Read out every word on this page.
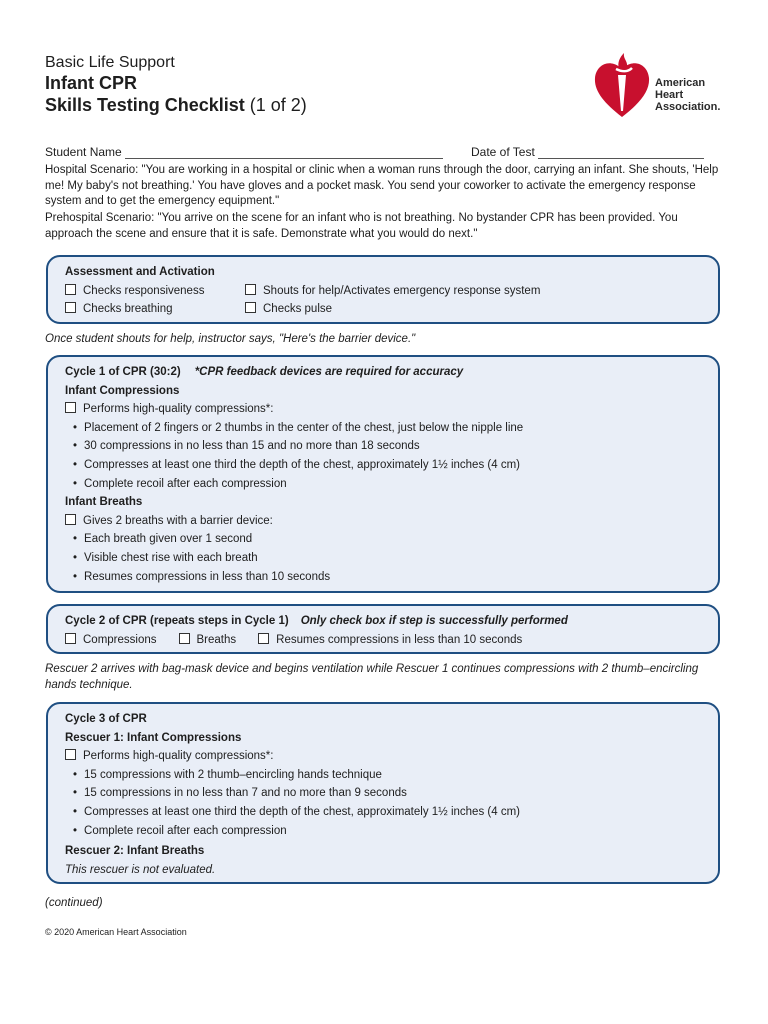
Basic Life Support
Infant CPR
Skills Testing Checklist (1 of 2)
American
Heart
Association.
Student Name	Date of Test
Hospital Scenario: "You are working in a hospital or clinic when a woman runs through the door, carrying an infant. She shouts, 'Help me! My baby's not breathing.' You have gloves and a pocket mask. You send your coworker to activate the emergency response system and to get the emergency equipment."
Prehospital Scenario: "You arrive on the scene for an infant who is not breathing. No bystander CPR has been provided. You approach the scene and ensure that it is safe. Demonstrate what you would do next."
Assessment and Activation
Checks responsiveness	Shouts for help/Activates emergency response system
Checks breathing	Checks pulse
Once student shouts for help, instructor says, "Here's the barrier device."
Cycle 1 of CPR (30:2) *CPR feedback devices are required for accuracy
Infant Compressions
Performs high-quality compressions*:
• Placement of 2 fingers or 2 thumbs in the center of the chest, just below the nipple line
• 30 compressions in no less than 15 and no more than 18 seconds
• Compresses at least one third the depth of the chest, approximately 1½ inches (4 cm)
• Complete recoil after each compression
Infant Breaths
Gives 2 breaths with a barrier device:
• Each breath given over 1 second
• Visible chest rise with each breath
• Resumes compressions in less than 10 seconds
Cycle 2 of CPR (repeats steps in Cycle 1) Only check box if step is successfully performed
Compressions	Breaths	Resumes compressions in less than 10 seconds
Rescuer 2 arrives with bag-mask device and begins ventilation while Rescuer 1 continues compressions with 2 thumb–encircling hands technique.
Cycle 3 of CPR
Rescuer 1: Infant Compressions
Performs high-quality compressions*:
• 15 compressions with 2 thumb–encircling hands technique
• 15 compressions in no less than 7 and no more than 9 seconds
• Compresses at least one third the depth of the chest, approximately 1½ inches (4 cm)
• Complete recoil after each compression
Rescuer 2: Infant Breaths
This rescuer is not evaluated.
(continued)
© 2020 American Heart Association
